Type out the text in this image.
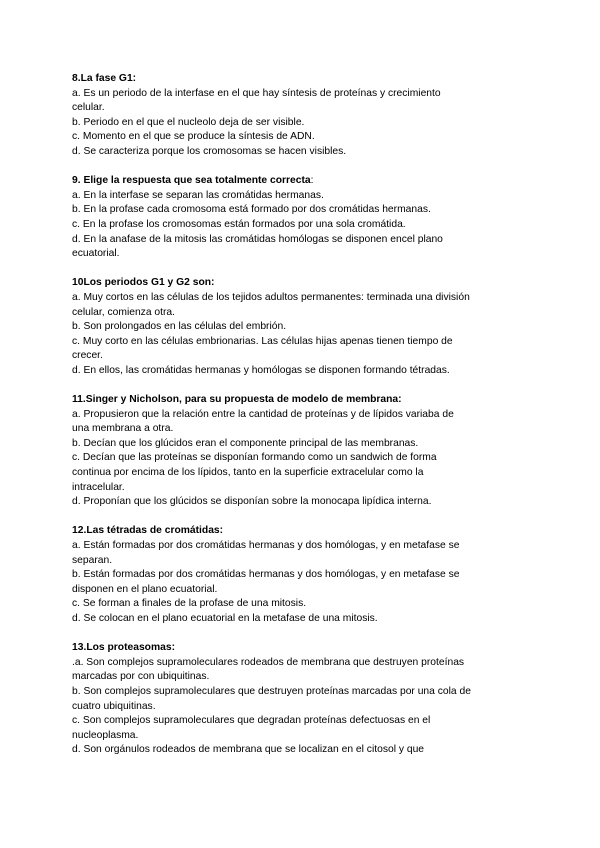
8.La fase G1:
a. Es un periodo de la interfase en el que hay síntesis de proteínas y crecimiento celular.
b. Periodo en el que el nucleolo deja de ser visible.
c. Momento en el que se produce la síntesis de ADN.
d. Se caracteriza porque los cromosomas se hacen visibles.
9. Elige la respuesta que sea totalmente correcta:
a. En la interfase se separan las cromátidas hermanas.
b. En la profase cada cromosoma está formado por dos cromátidas hermanas.
c. En la profase los cromosomas están formados por una sola cromátida.
d. En la anafase de la mitosis las cromátidas homólogas se disponen encel plano ecuatorial.
10Los periodos G1 y G2 son:
a. Muy cortos en las células de los tejidos adultos permanentes: terminada una división celular, comienza otra.
b. Son prolongados en las células del embrión.
c. Muy corto en las células embrionarias. Las células hijas apenas tienen tiempo de crecer.
d. En ellos, las cromátidas hermanas y homólogas se disponen formando tétradas.
11.Singer y Nicholson, para su propuesta de modelo de membrana:
a. Propusieron que la relación entre la cantidad de proteínas y de lípidos variaba de una membrana a otra.
b. Decían que los glúcidos eran el componente principal de las membranas.
c. Decían que las proteínas se disponían formando como un sandwich de forma continua por encima de los lípidos, tanto en la superficie extracelular como la intracelular.
d. Proponían que los glúcidos se disponían sobre la monocapa lipídica interna.
12.Las tétradas de cromátidas:
a. Están formadas por dos cromátidas hermanas y dos homólogas, y en metafase se separan.
b. Están formadas por dos cromátidas hermanas y dos homólogas, y en metafase se disponen en el plano ecuatorial.
c. Se forman a finales de la profase de una mitosis.
d. Se colocan en el plano ecuatorial en la metafase de una mitosis.
13.Los proteasomas:
.a. Son complejos supramoleculares rodeados de membrana que destruyen proteínas marcadas por con ubiquitinas.
b. Son complejos supramoleculares que destruyen proteínas marcadas por una cola de cuatro ubiquitinas.
c. Son complejos supramoleculares que degradan proteínas defectuosas en el nucleoplasma.
d. Son orgánulos rodeados de membrana que se localizan en el citosol y que
